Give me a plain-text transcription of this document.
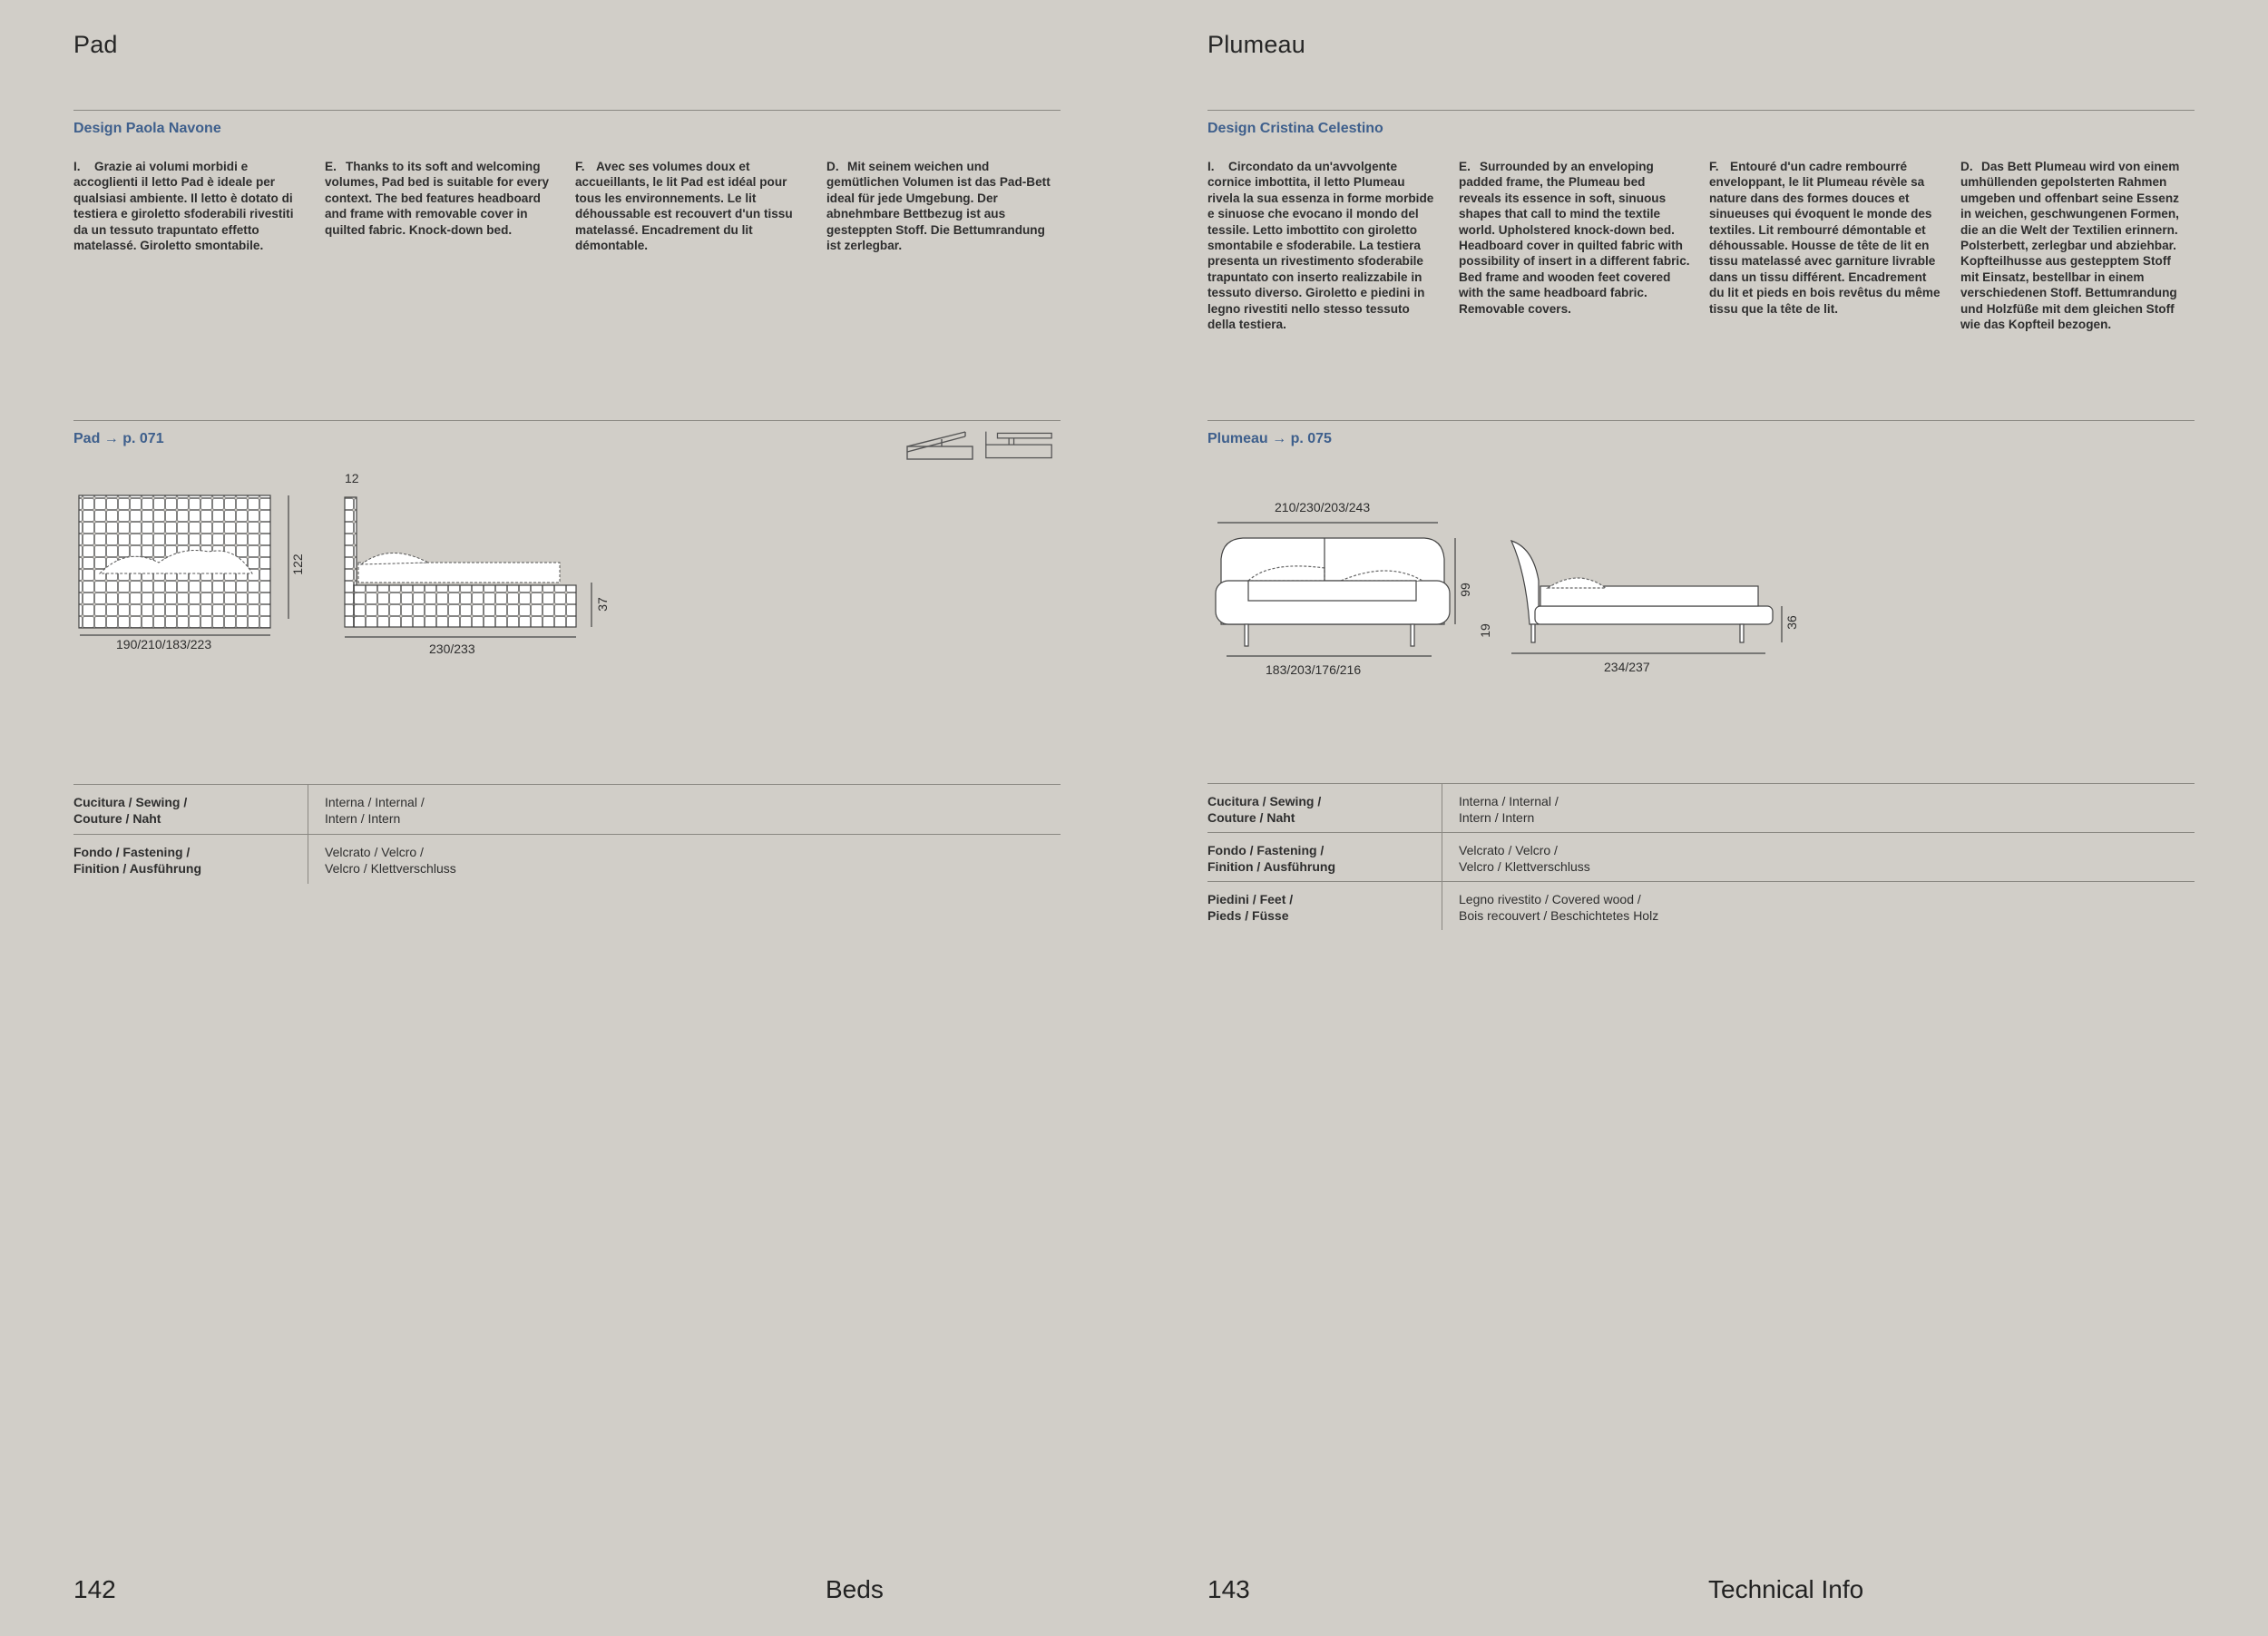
Pad
Design Paola Navone

I. Grazie ai volumi morbidi e accoglienti il letto Pad è ideale per qualsiasi ambiente. Il letto è dotato di testiera e giroletto sfoderabili rivestiti da un tessuto trapuntato effetto matelassé. Giroletto smontabile.

E. Thanks to its soft and welcoming volumes, Pad bed is suitable for every context. The bed features headboard and frame with removable cover in quilted fabric. Knock-down bed.

F. Avec ses volumes doux et accueillants, le lit Pad est idéal pour tous les environnements. Le lit déhoussable est recouvert d'un tissu matelassé. Encadrement du lit démontable.

D. Mit seinem weichen und gemütlichen Volumen ist das Pad-Bett ideal für jede Umgebung. Der abnehmbare Bettbezug ist aus gesteppten Stoff. Die Bettumrandung ist zerlegbar.

Pad → p. 071
190/210/183/223
122
12
230/233
37
Cucitura / Sewing /
Couture / Naht
Interna / Internal /
Intern / Intern
Fondo / Fastening /
Finition / Ausführung
Velcrato / Velcro /
Velcro / Klettverschluss
142	Beds
Plumeau
Design Cristina Celestino

I. Circondato da un'avvolgente cornice imbottita, il letto Plumeau rivela la sua essenza in forme morbide e sinuose che evocano il mondo del tessile. Letto imbottito con giroletto smontabile e sfoderabile. La testiera presenta un rivestimento sfoderabile trapuntato con inserto realizzabile in tessuto diverso. Giroletto e piedini in legno rivestiti nello stesso tessuto della testiera.

E. Surrounded by an enveloping padded frame, the Plumeau bed reveals its essence in soft, sinuous shapes that call to mind the textile world. Upholstered knock-down bed. Headboard cover in quilted fabric with possibility of insert in a different fabric. Bed frame and wooden feet covered with the same headboard fabric. Removable covers.

F. Entouré d'un cadre rembourré enveloppant, le lit Plumeau révèle sa nature dans des formes douces et sinueuses qui évoquent le monde des textiles. Lit rembourré démontable et déhoussable. Housse de tête de lit en tissu matelassé avec garniture livrable dans un tissu différent. Encadrement du lit et pieds en bois revêtus du même tissu que la tête de lit.

D. Das Bett Plumeau wird von einem umhüllenden gepolsterten Rahmen umgeben und offenbart seine Essenz in weichen, geschwungenen Formen, die an die Welt der Textilien erinnern. Polsterbett, zerlegbar und abziehbar. Kopfteilhusse aus gestepptem Stoff mit Einsatz, bestellbar in einem verschiedenen Stoff. Bettumrandung und Holzfüße mit dem gleichen Stoff wie das Kopfteil bezogen.

Plumeau → p. 075
210/230/203/243
183/203/176/216
99
19
234/237
36
Cucitura / Sewing /
Couture / Naht
Interna / Internal /
Intern / Intern
Fondo / Fastening /
Finition / Ausführung
Velcrato / Velcro /
Velcro / Klettverschluss
Piedini / Feet /
Pieds / Füsse
Legno rivestito / Covered wood /
Bois recouvert / Beschichtetes Holz
143	Technical Info
